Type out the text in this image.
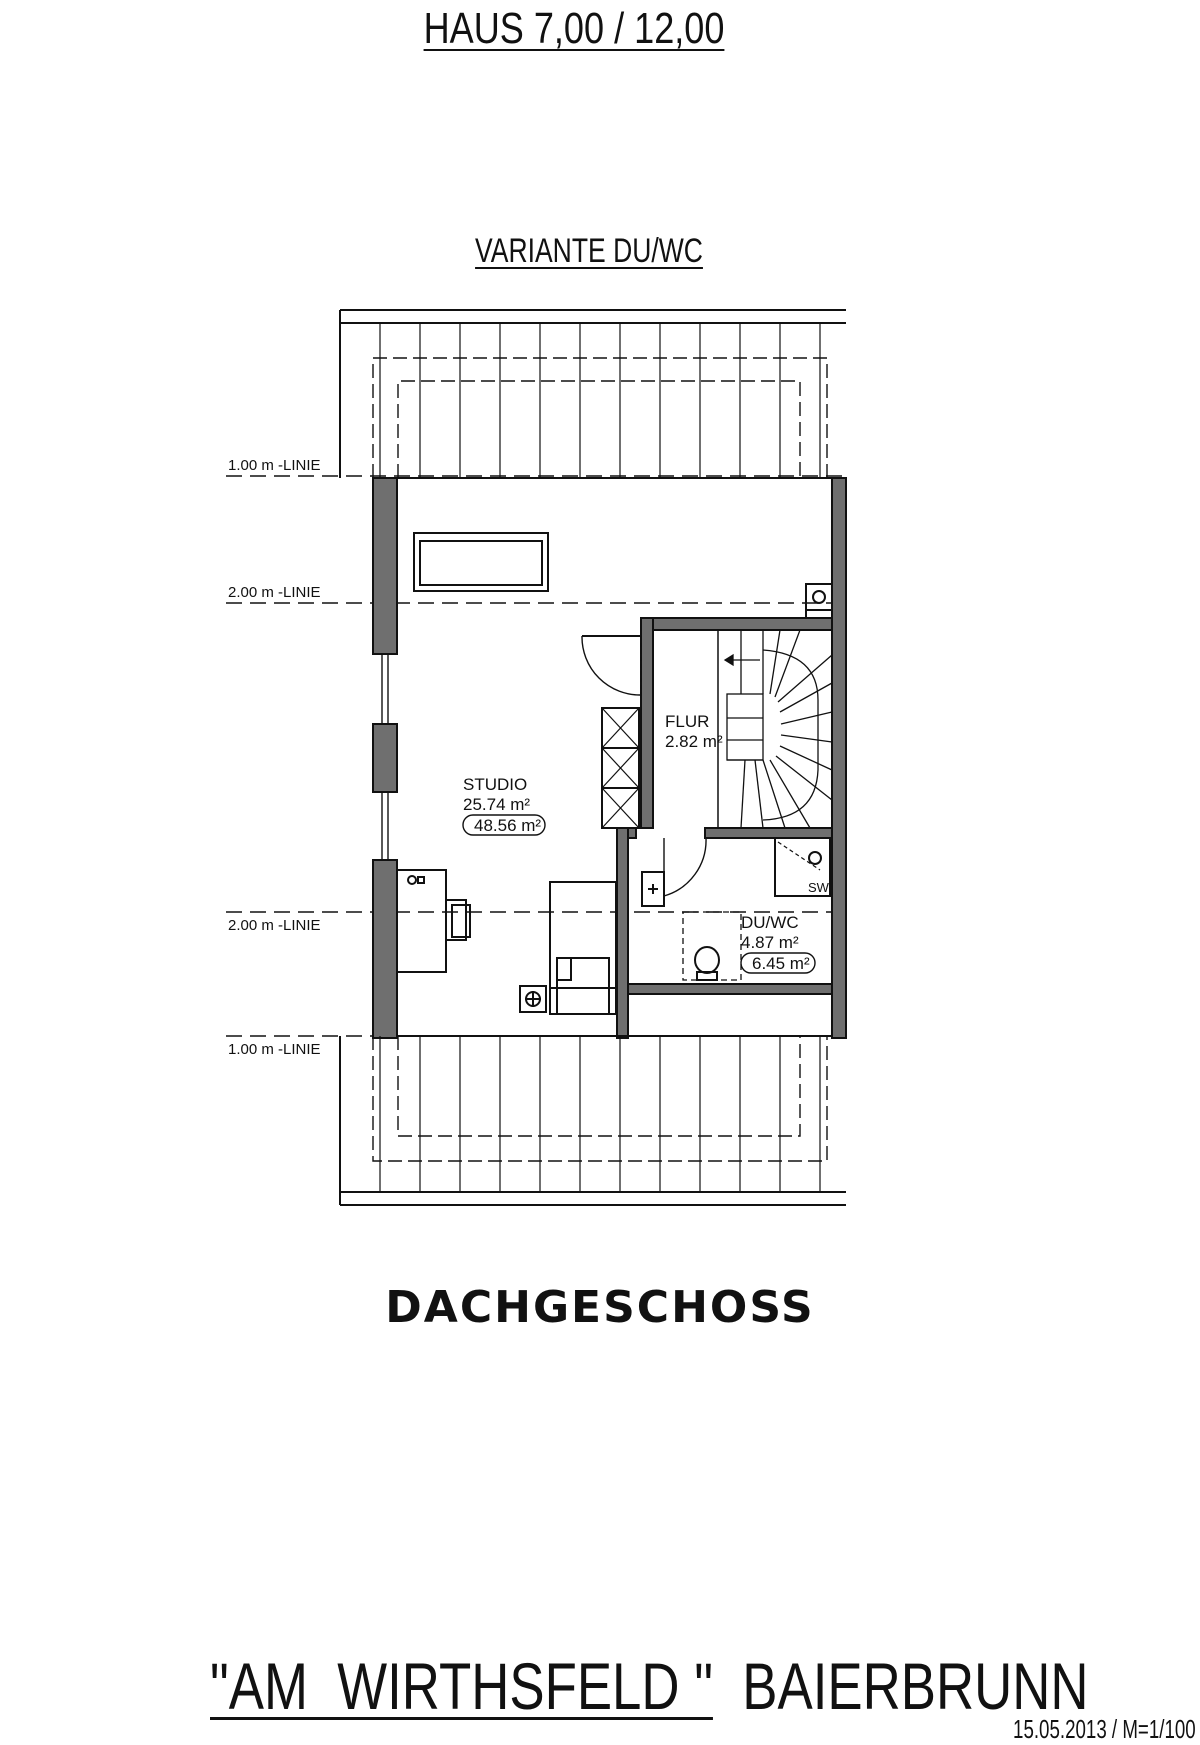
HAUS 7,00 / 12,00
VARIANTE DU/WC
1.00 m -LINIE
2.00 m -LINIE
2.00 m -LINIE
1.00 m -LINIE
STUDIO
25.74 m²
48.56 m²
FLUR
2.82 m²
DU/WC
4.87 m²
6.45 m²
SW
DACHGESCHOSS
"AM  WIRTHSFELD " BAIERBRUNN
15.05.2013 / M=1/100
